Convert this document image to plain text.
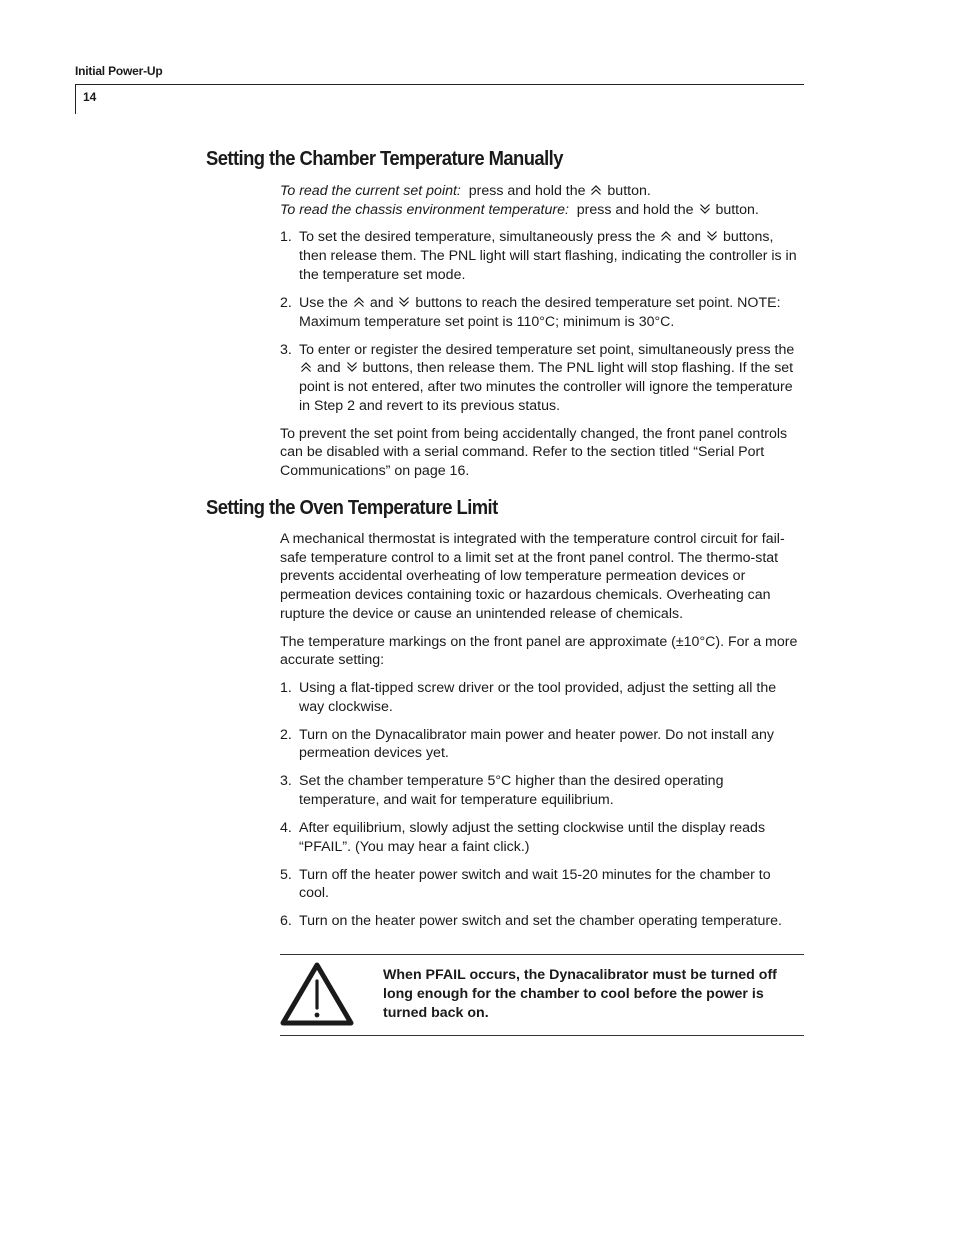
Initial Power-Up
14
Setting the Chamber Temperature Manually

To read the current set point: press and hold the button.

To read the chassis environment temperature: press and hold the button.

1. To set the desired temperature, simultaneously press the and buttons, then release them. The PNL light will start flashing, indicating the controller is in the temperature set mode.
2. Use the and buttons to reach the desired temperature set point. NOTE: Maximum temperature set point is 110°C; minimum is 30°C.
3. To enter or register the desired temperature set point, simultaneously press the
and buttons, then release them. The PNL light will stop flashing. If the set point is not entered, after two minutes the controller will ignore the temperature in Step 2 and revert to its previous status.

To prevent the set point from being accidentally changed, the front panel controls can be disabled with a serial command. Refer to the section titled “Serial Port Communications” on page 16.

Setting the Oven Temperature Limit

A mechanical thermostat is integrated with the temperature control circuit for fail-safe temperature control to a limit set at the front panel control. The thermo-stat prevents accidental overheating of low temperature permeation devices or permeation devices containing toxic or hazardous chemicals. Overheating can rupture the device or cause an unintended release of chemicals.

The temperature markings on the front panel are approximate (±10°C). For a more accurate setting:

1. Using a flat-tipped screw driver or the tool provided, adjust the setting all the way clockwise.
2. Turn on the Dynacalibrator main power and heater power. Do not install any permeation devices yet.
3. Set the chamber temperature 5°C higher than the desired operating temperature, and wait for temperature equilibrium.
4. After equilibrium, slowly adjust the setting clockwise until the display reads “PFAIL”. (You may hear a faint click.)
5. Turn off the heater power switch and wait 15-20 minutes for the chamber to cool.
6. Turn on the heater power switch and set the chamber operating temperature.
When PFAIL occurs, the Dynacalibrator must be turned off long enough for the chamber to cool before the power is turned back on.
